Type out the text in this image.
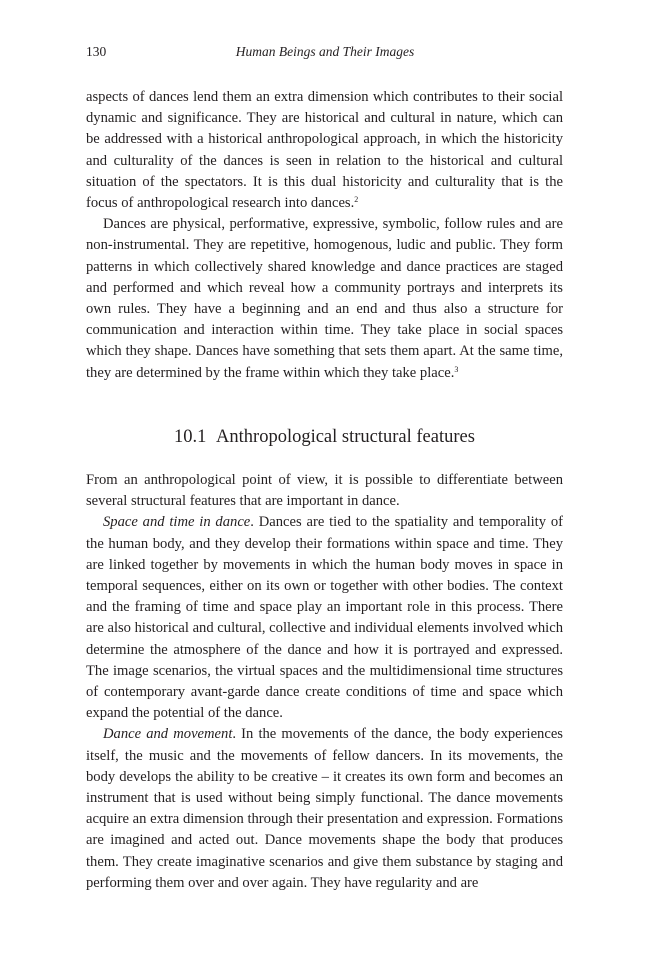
130	Human Beings and Their Images

aspects of dances lend them an extra dimension which contributes to their social dynamic and significance. They are historical and cultural in nature, which can be addressed with a historical anthropological approach, in which the historicity and culturality of the dances is seen in relation to the historical and cultural situation of the spectators. It is this dual historicity and culturality that is the focus of anthropological research into dances.$^2$

Dances are physical, performative, expressive, symbolic, follow rules and are non-instrumental. They are repetitive, homogenous, ludic and public. They form patterns in which collectively shared knowledge and dance practices are staged and performed and which reveal how a community portrays and interprets its own rules. They have a beginning and an end and thus also a structure for communication and interaction within time. They take place in social spaces which they shape. Dances have something that sets them apart. At the same time, they are determined by the frame within which they take place.$^3$

10.1 Anthropological structural features

From an anthropological point of view, it is possible to differentiate between several structural features that are important in dance.

Space and time in dance. Dances are tied to the spatiality and temporality of the human body, and they develop their formations within space and time. They are linked together by movements in which the human body moves in space in temporal sequences, either on its own or together with other bodies. The context and the framing of time and space play an important role in this process. There are also historical and cultural, collective and individual elements involved which determine the atmosphere of the dance and how it is portrayed and expressed. The image scenarios, the virtual spaces and the multidimensional time structures of contemporary avant-garde dance create conditions of time and space which expand the potential of the dance.

Dance and movement. In the movements of the dance, the body experiences itself, the music and the movements of fellow dancers. In its movements, the body develops the ability to be creative – it creates its own form and becomes an instrument that is used without being simply functional. The dance movements acquire an extra dimension through their presentation and expression. Formations are imagined and acted out. Dance movements shape the body that produces them. They create imaginative scenarios and give them substance by staging and performing them over and over again. They have regularity and are
